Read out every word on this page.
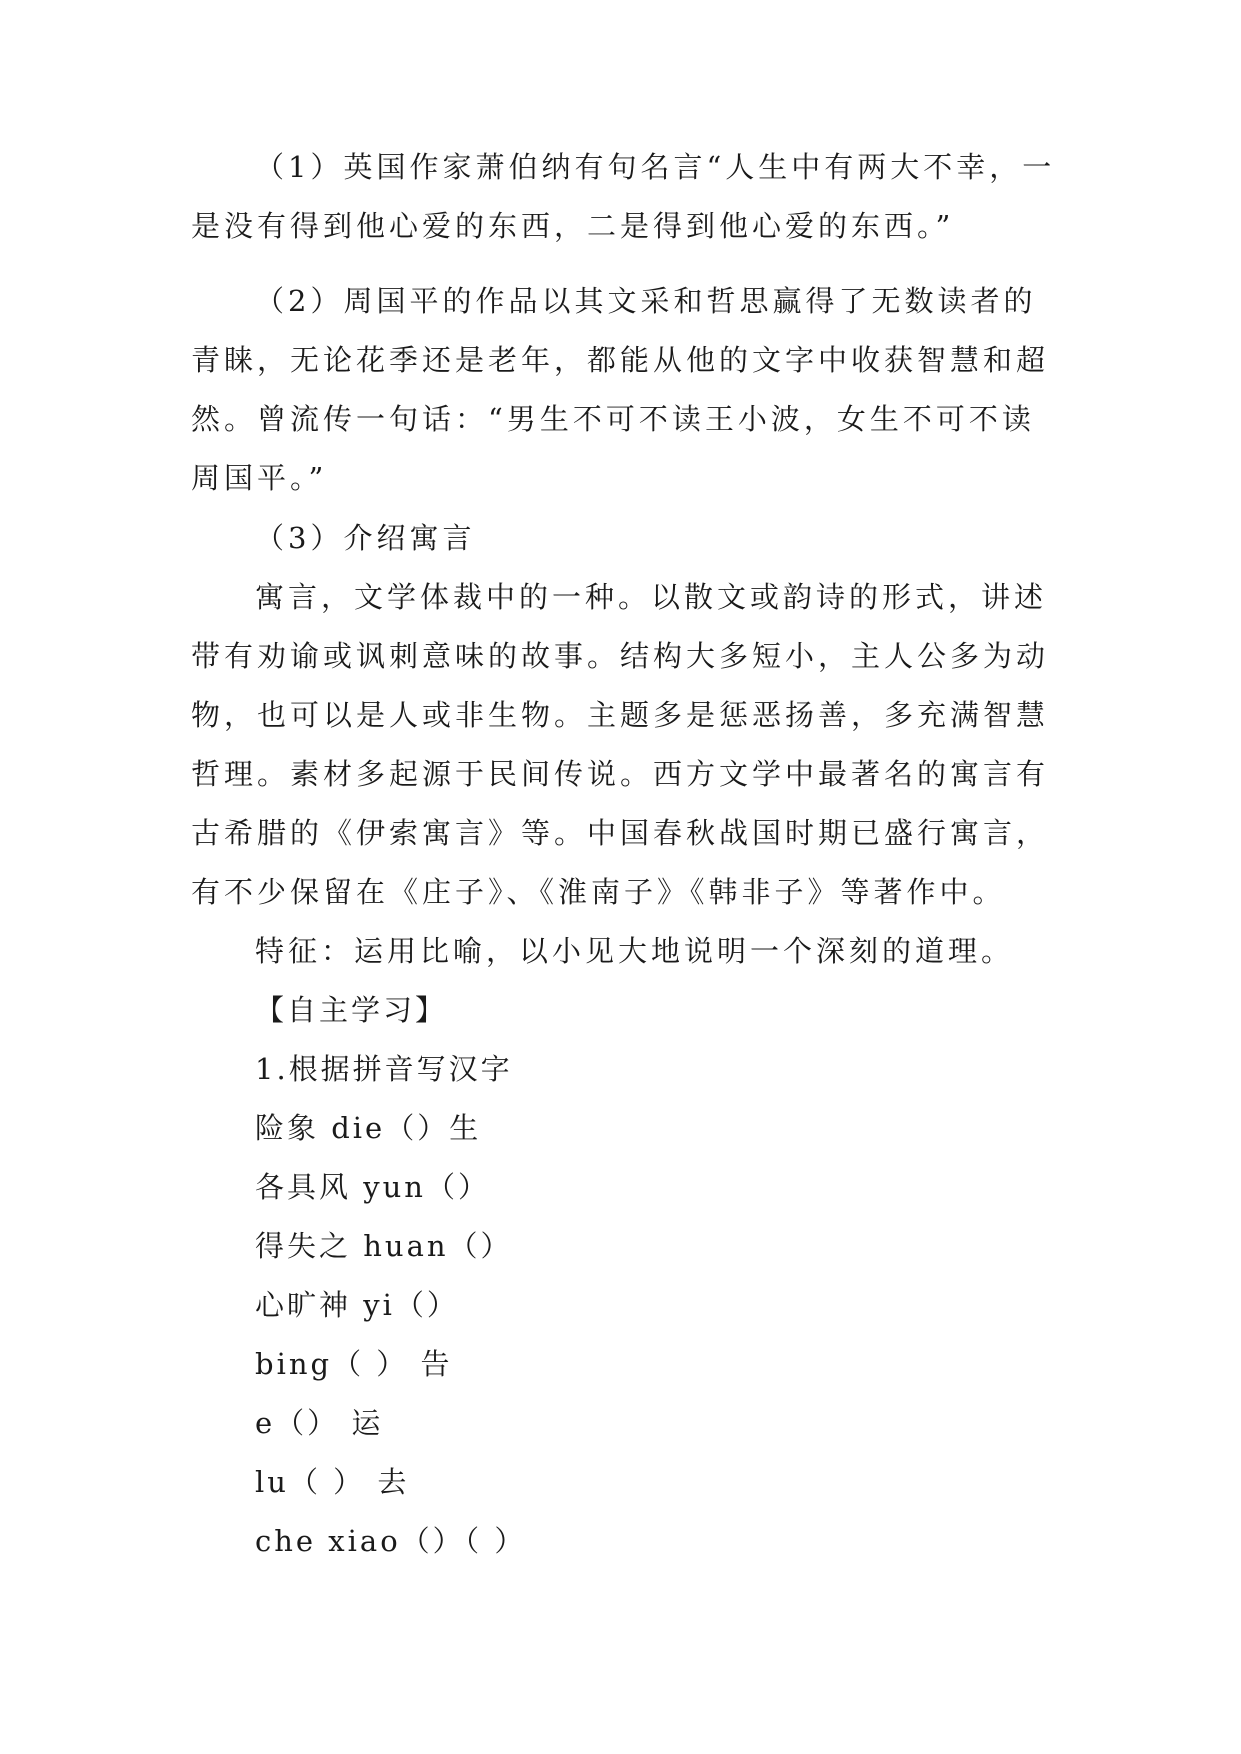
（1）英国作家萧伯纳有句名言“人生中有两大不幸，一是没有得到他心爱的东西，二是得到他心爱的东西。”

（2）周国平的作品以其文采和哲思赢得了无数读者的青睐，无论花季还是老年，都能从他的文字中收获智慧和超然。曾流传一句话：“男生不可不读王小波，女生不可不读周国平。”

（3）介绍寓言

寓言，文学体裁中的一种。以散文或韵诗的形式，讲述带有劝谕或讽刺意味的故事。结构大多短小，主人公多为动物，也可以是人或非生物。主题多是惩恶扬善，多充满智慧哲理。素材多起源于民间传说。西方文学中最著名的寓言有古希腊的《伊索寓言》等。中国春秋战国时期已盛行寓言，有不少保留在《庄子》、《淮南子》《韩非子》等著作中。

特征：运用比喻，以小见大地说明一个深刻的道理。

【自主学习】

1.根据拼音写汉字

险象 die（）生

各具风 yun（）

得失之 huan（）

心旷神 yi（）

bing（ ） 告

e（） 运

lu（ ） 去

che xiao（）（ ）
